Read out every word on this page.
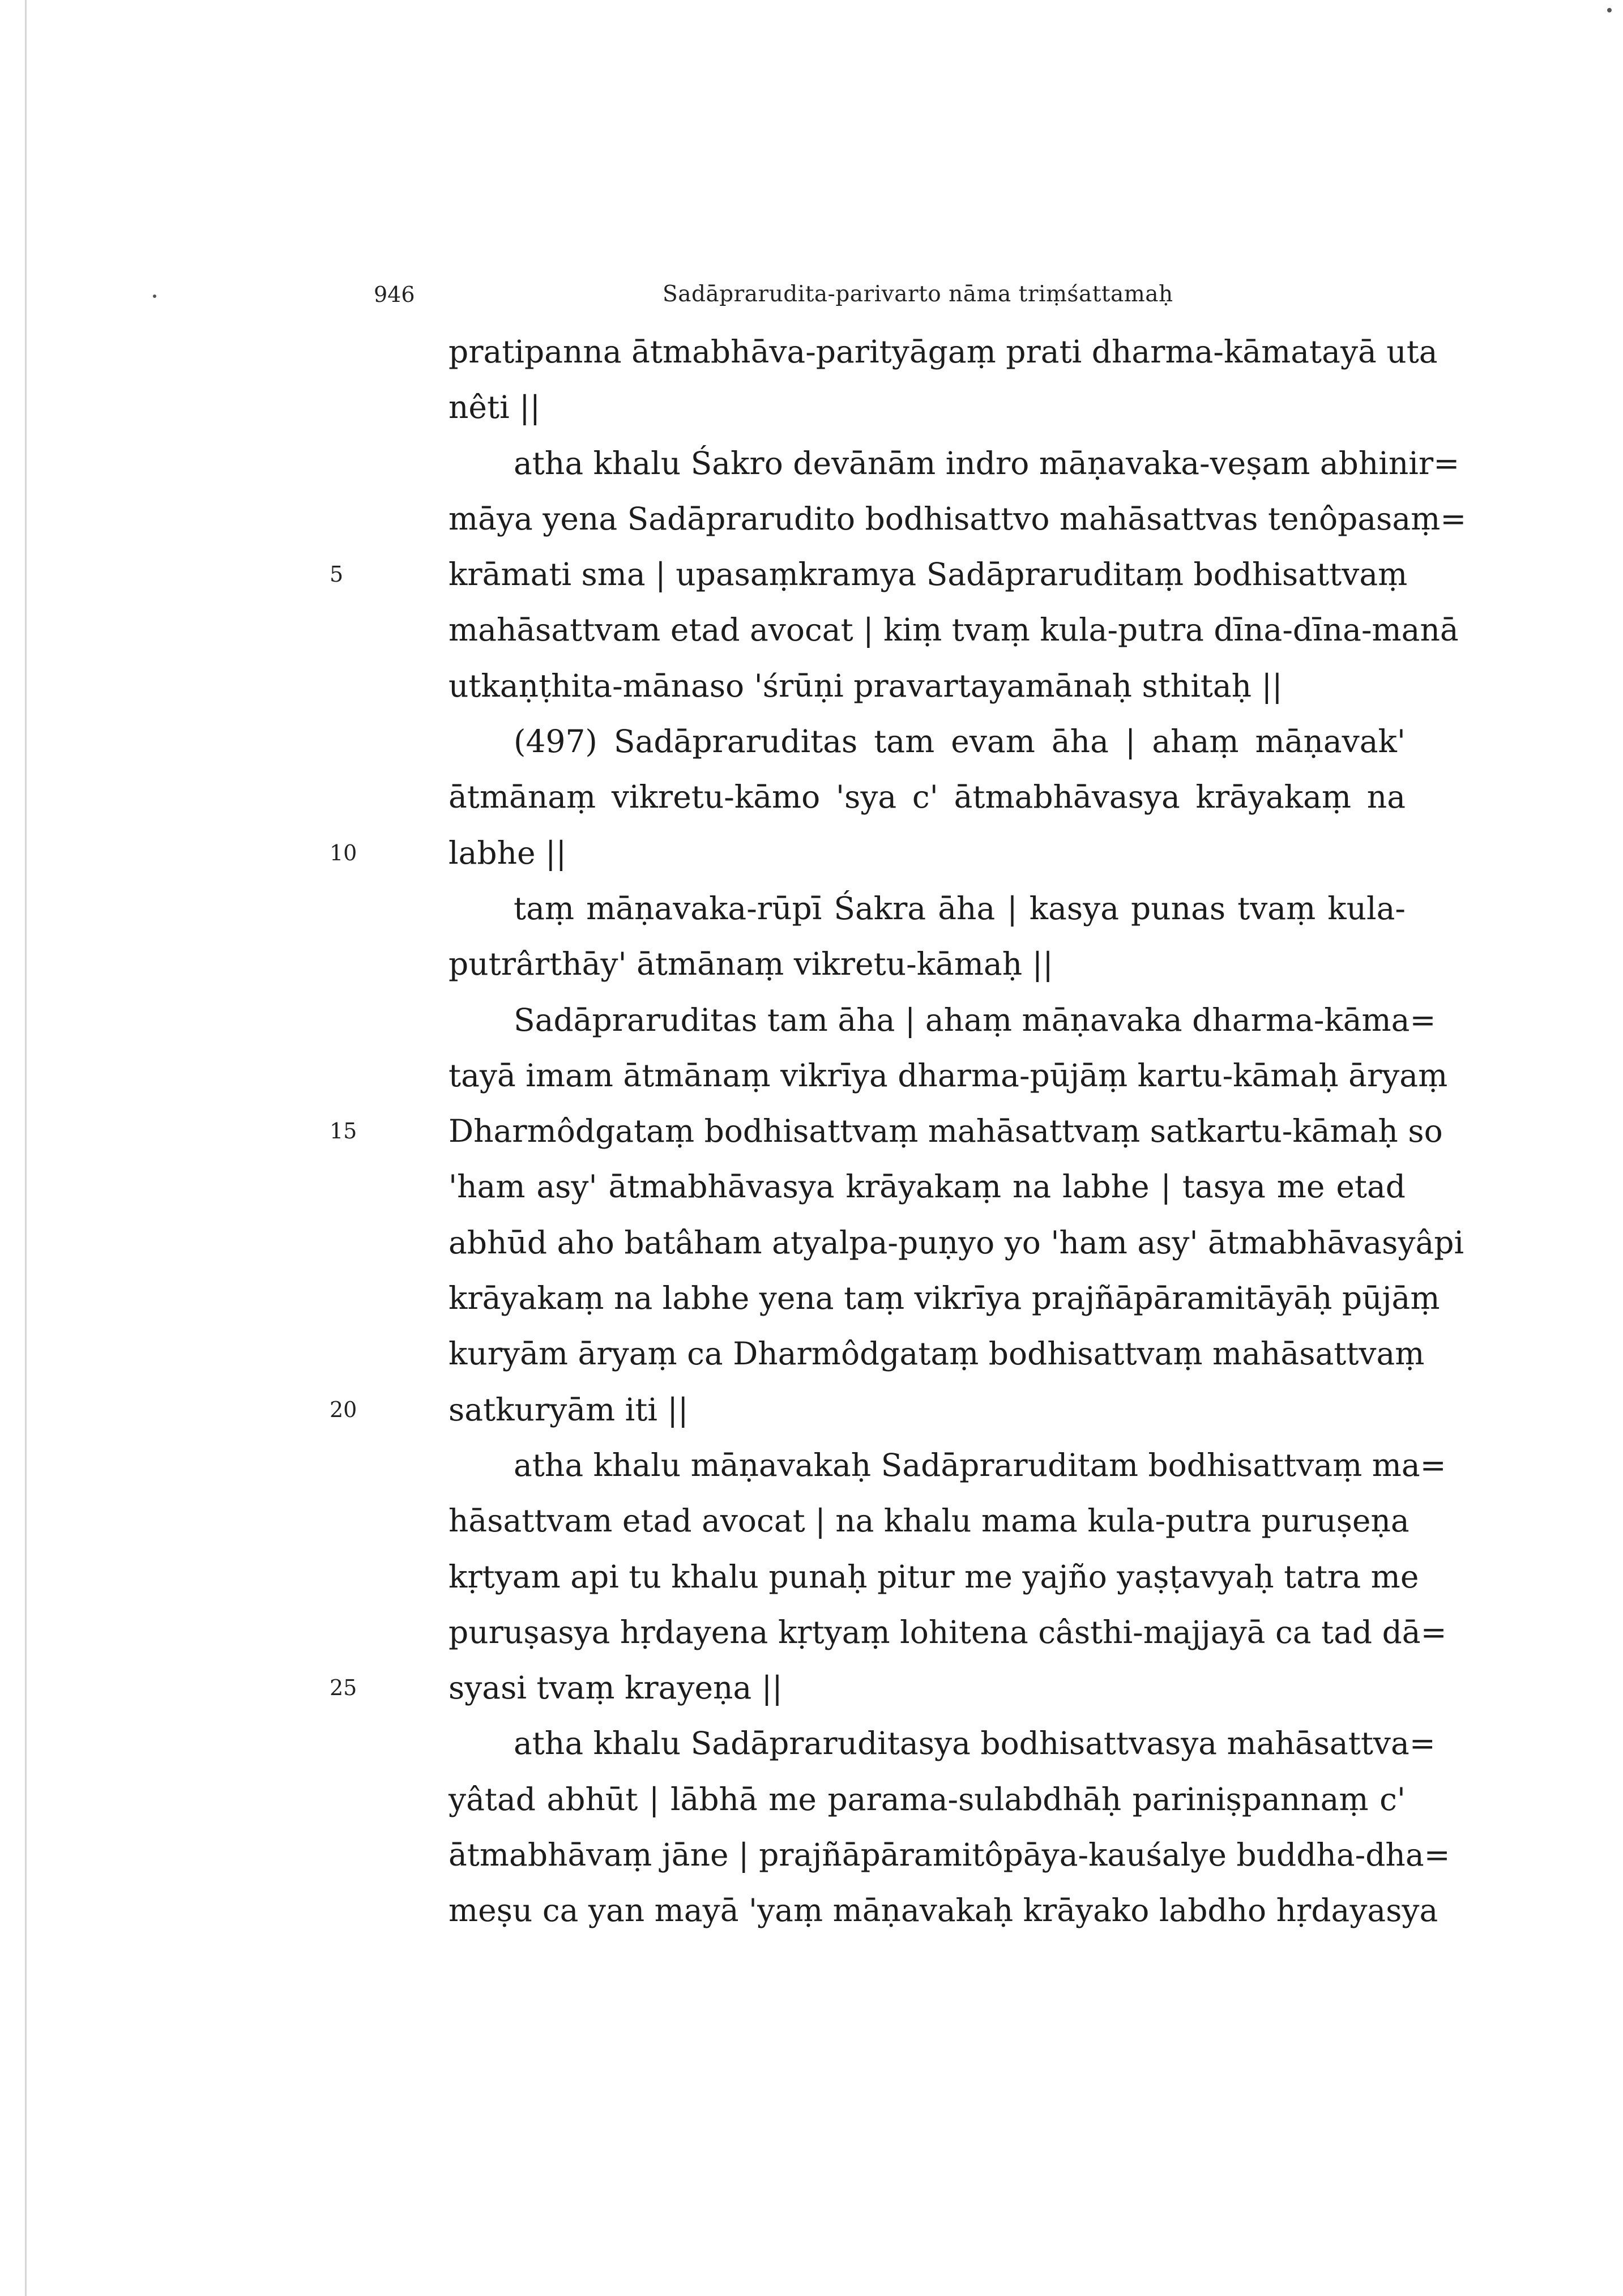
946	Sadāprarudita-parivarto nāma triṃśattamaḥ
pratipanna ātmabhāva-parityāgaṃ prati dharma-kāmatayā uta
nêti ||
atha khalu Śakro devānām indro māṇavaka-veṣam abhinir=
māya yena Sadāprarudito bodhisattvo mahāsattvas tenôpasaṃ=
5	krāmati sma | upasaṃkramya Sadāpraruditaṃ bodhisattvaṃ
mahāsattvam etad avocat | kiṃ tvaṃ kula-putra dīna-dīna-manā
utkaṇṭhita-mānaso 'śrūṇi pravartayamānaḥ sthitaḥ ||
(497) Sadāpraruditas tam evam āha | ahaṃ māṇavak'
ātmānaṃ vikretu-kāmo 'sya c' ātmabhāvasya krāyakaṃ na
10	labhe ||
taṃ māṇavaka-rūpī Śakra āha | kasya punas tvaṃ kula-
putrârthāy' ātmānaṃ vikretu-kāmaḥ ||
Sadāpraruditas tam āha | ahaṃ māṇavaka dharma-kāma=
tayā imam ātmānaṃ vikrīya dharma-pūjāṃ kartu-kāmaḥ āryaṃ
15	Dharmôdgataṃ bodhisattvaṃ mahāsattvaṃ satkartu-kāmaḥ so
'ham asy' ātmabhāvasya krāyakaṃ na labhe | tasya me etad
abhūd aho batâham atyalpa-puṇyo yo 'ham asy' ātmabhāvasyâpi
krāyakaṃ na labhe yena taṃ vikrīya prajñāpāramitāyāḥ pūjāṃ
kuryām āryaṃ ca Dharmôdgataṃ bodhisattvaṃ mahāsattvaṃ
20	satkuryām iti ||
atha khalu māṇavakaḥ Sadāpraruditam bodhisattvaṃ ma=
hāsattvam etad avocat | na khalu mama kula-putra puruṣeṇa
kṛtyam api tu khalu punaḥ pitur me yajño yaṣṭavyaḥ tatra me
puruṣasya hṛdayena kṛtyaṃ lohitena câsthi-majjayā ca tad dā=
25	syasi tvaṃ krayeṇa ||
atha khalu Sadāpraruditasya bodhisattvasya mahāsattva=
yâtad abhūt | lābhā me parama-sulabdhāḥ pariniṣpannaṃ c'
ātmabhāvaṃ jāne | prajñāpāramitôpāya-kauśalye buddha-dha=
meṣu ca yan mayā 'yaṃ māṇavakaḥ krāyako labdho hṛdayasya
